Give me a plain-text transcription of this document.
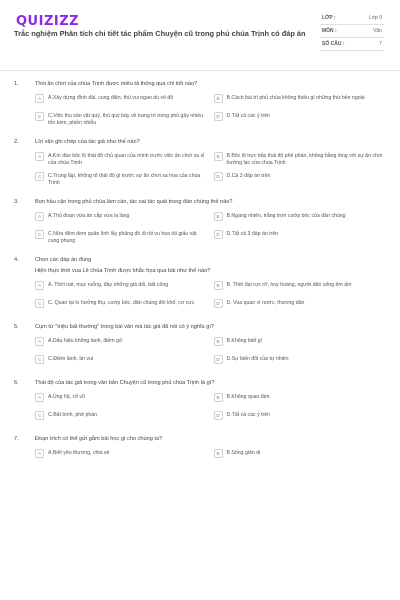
QUIZIZZ
Trắc nghiệm Phân tích chi tiết tác phẩm Chuyện cũ trong phủ chúa Trịnh có đáp án
LỚP :	Lớp 9
MÔN :	Văn
SỐ CÂU :	7
1.	Thói ăn chơi của chúa Trịnh được miêu tả thông qua chi tiết nào?
A	A.Xây dựng đình đài, cung điện, thú vui ngao du vô độ	B	B.Cách bài trí phủ chúa không thiếu gì những thứ bền ngoài
C	C.Việc thu sản vật quý, thú quý bày về trang trí trong phủ gây nhiều tốn kém, phiền nhiễu
D	D.Tất cả các ý trên
2.	Lời văn ghi chép của tác giả như thế nào?
A	A.Kín đáo bộc lộ thái độ chủ quan của mình trước việc ăn chơi xa xỉ của chúa Trịnh
B	B.Bộc lộ trực tiếp thái độ phê phán, không bằng lòng với sự ăn chơi hưởng lạc của chúa Trịnh
C	C.Trung lập, không tỏ thái độ gì trước sự ăn chơi xa hoa của chúa Trịnh
D	D.Cả 3 đáp án trên
3.	Bọn hầu cận trong phủ chúa làm càn, tác oai tác quái trong đán chúng thế nào?
A	A.Thủ đoạn vừa ăn cắp vừa la làng	B	B.Ngang nhiên, trắng trợn cướp bóc của dân chúng
C	C.Nửa đêm đem quân lính lẩy phăng đồ đi rồi vu họa tội giấu vật cung phụng
D	D.Tất cả 3 đáp án trên
4.	Chọn các đáp án đúng
Hiện thực thời vua Lê chúa Trịnh được khắc họa qua bài như thế nào?
A	A. Thời nát, mục ruỗng, đầy những giả dối, bất công	B	B. Thời đại rực rỡ, huy hoàng, người dân sống êm ấm
C	C. Quan lại lo hưởng thụ, cướp bóc, dân chúng đói khổ, cơ cực	D	D. Vua quan vì nước, thương dân
5.	Cụm từ "triệu bất thường" trong bài văn mà tác giả đã nói có ý nghĩa gì?
A	A.Dấu hiệu không lành, điềm gở	B	B.Không biết gì
C	C.Điềm lành, tin vui	D	D.Sự biến đổi của tự nhiên
6.	Thái độ của tác giả trong văn bản Chuyện cũ trong phủ chúa Trịnh là gì?
A	A.Ủng hộ, cổ vũ	B	B.Không quan tâm
C	C.Bất bình, phê phán	D	D.Tất cả các ý trên
7.	Đoạn trích có thể gửi gắm bài học gì cho chúng ta?
A	A.Biết yêu thương, chia sẻ	B	B.Sống giản dị
